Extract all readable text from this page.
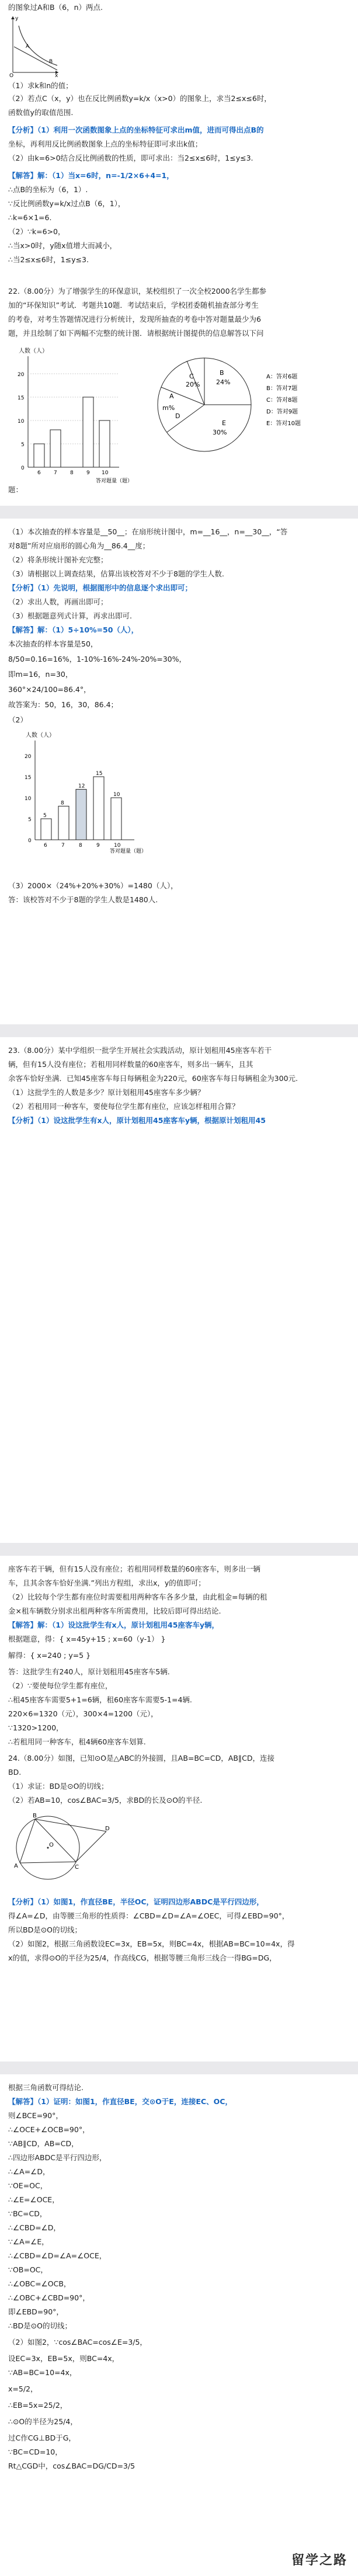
的图象过A和B（6，n）两点.
O
A
B
x
y
（1）求k和n的值；
（2）若点C（x，y）也在反比例函数y=k/x（x>0）的图象上，求当2≤x≤6时，
函数值y的取值范围.
【分析】（1）利用一次函数图象上点的坐标特征可求出m值，进而可得出点B的
坐标，再利用反比例函数图象上点的坐标特征即可求出k值；
（2）由k=6>0结合反比例函数的性质，即可求出：当2≤x≤6时，1≤y≤3.
【解答】解：（1）当x=6时，n=-1/2×6+4=1，
∴点B的坐标为（6，1）.
∵反比例函数y=k/x过点B（6，1），
∴k=6×1=6.
（2）∵k=6>0，
∴当x>0时，y随x值增大而减小，
∴当2≤x≤6时，1≤y≤3.
22.（8.00分）为了增强学生的环保意识，某校组织了一次全校2000名学生都参
加的“环保知识”考试．考题共10题．考试结束后，学校团委随机抽查部分考生
的考卷，对考生答题情况进行分析统计，发现所抽查的考卷中答对题量最少为6
题，并且绘制了如下两幅不完整的统计图．请根据统计图提供的信息解答以下问
人数（人）
0
5
10
15
20
6 7 8 9 10
答对题量（题）
24%
E
30%
D
A
C
20%
B
m%
A：答对6题
B：答对7题
C：答对8题
D：答对9题
E：答对10题
题：
（1）本次抽查的样本容量是__50__；在扇形统计图中，m=__16__，n=__30__，“答
对8题”所对应扇形的圆心角为__86.4__度；
（2）将条形统计图补充完整；
（3）请根据以上调查结果，估算出该校答对不少于8题的学生人数.
【分析】（1）先说明，根据图形中的信息逐个求出即可；
（2）求出人数，再画出即可；
（3）根据题意列式计算，再求出即可.
【解答】解：（1）5÷10%=50（人），
本次抽查的样本容量是50，
8/50=0.16=16%，1-10%-16%-24%-20%=30%，
即m=16，n=30，
360°×24/100=86.4°，
故答案为：50，16，30，86.4；
（2）
人数（人）
0
5
10
15
20
5
8
12
15
10
6	7	8	9	10
答对题量（题）
（3）2000×（24%+20%+30%）=1480（人），
答：该校答对不少于8题的学生人数是1480人.
23.（8.00分）某中学组织一批学生开展社会实践活动，原计划租用45座客车若干
辆，但有15人没有座位；若租用同样数量的60座客车，则多出一辆车，且其
余客车恰好坐满．已知45座客车每日每辆租金为220元，60座客车每日每辆租金为300元.
（1）这批学生的人数是多少？原计划租用45座客车多少辆？
（2）若租用同一种客车，要使每位学生都有座位，应该怎样租用合算？
【分析】（1）设这批学生有x人，原计划租用45座客车y辆，根据原计划租用45
座客车若干辆，但有15人没有座位；若租用同样数量的60座客车，则多出一辆
车，且其余客车恰好坐满.”列出方程组，求出x，y的值即可；
（2）比较每个学生都有座位时需要租用两种客车各多少量，由此租金=每辆的租
金×租车辆数分别求出租两种客车所需费用，比较后即可得出结论.
【解答】解：（1）设这批学生有x人，原计划租用45座客车y辆，
根据题意，得：{ x=45y+15 ; x=60（y-1） }
解得：{ x=240 ; y=5 }
答：这批学生有240人，原计划租用45座客车5辆.
（2）∵要使每位学生都有座位，
∴租45座客车需要5+1=6辆，租60座客车需要5-1=4辆.
220×6=1320（元），300×4=1200（元），
∵1320>1200，
∴若租用同一种客车，租4辆60座客车划算.
24.（8.00分）如图，已知⊙O是△ABC的外接圆，且AB=BC=CD，AB∥CD，连接
BD.
（1）求证：BD是⊙O的切线；
（2）若AB=10，cos∠BAC=3/5，求BD的长及⊙O的半径.
B
A	C
D
O
【分析】（1）如图1，作直径BE，半径OC，证明四边形ABDC是平行四边形，
得∠A=∠D，由等腰三角形的性质得：∠CBD=∠D=∠A=∠OEC，可得∠EBD=90°，
所以BD是⊙O的切线；
（2）如图2，根据三角函数设EC=3x，EB=5x，则BC=4x，根据AB=BC=10=4x，得
x的值，求得⊙O的半径为25/4，作高线CG，根据等腰三角形三线合一得BG=DG，
根据三角函数可得结论.
【解答】（1）证明：如图1，作直径BE，交⊙O于E，连接EC、OC，
则∠BCE=90°，
∴∠OCE+∠OCB=90°，
∵AB∥CD，AB=CD，
∴四边形ABDC是平行四边形，
∴∠A=∠D，
∵OE=OC，
∴∠E=∠OCE，
∵BC=CD，
∴∠CBD=∠D，
∵∠A=∠E，
∴∠CBD=∠D=∠A=∠OCE，
∵OB=OC，
∴∠OBC=∠OCB，
∴∠OBC+∠CBD=90°，
即∠EBD=90°，
∴BD是⊙O的切线；
（2）如图2，∵cos∠BAC=cos∠E=3/5，
设EC=3x，EB=5x，则BC=4x，
∵AB=BC=10=4x，
x=5/2，
∴EB=5x=25/2，
∴⊙O的半径为25/4，
过C作CG⊥BD于G，
∵BC=CD=10，
Rt△CGD中，cos∠BAC=DG/CD=3/5
留学之路
